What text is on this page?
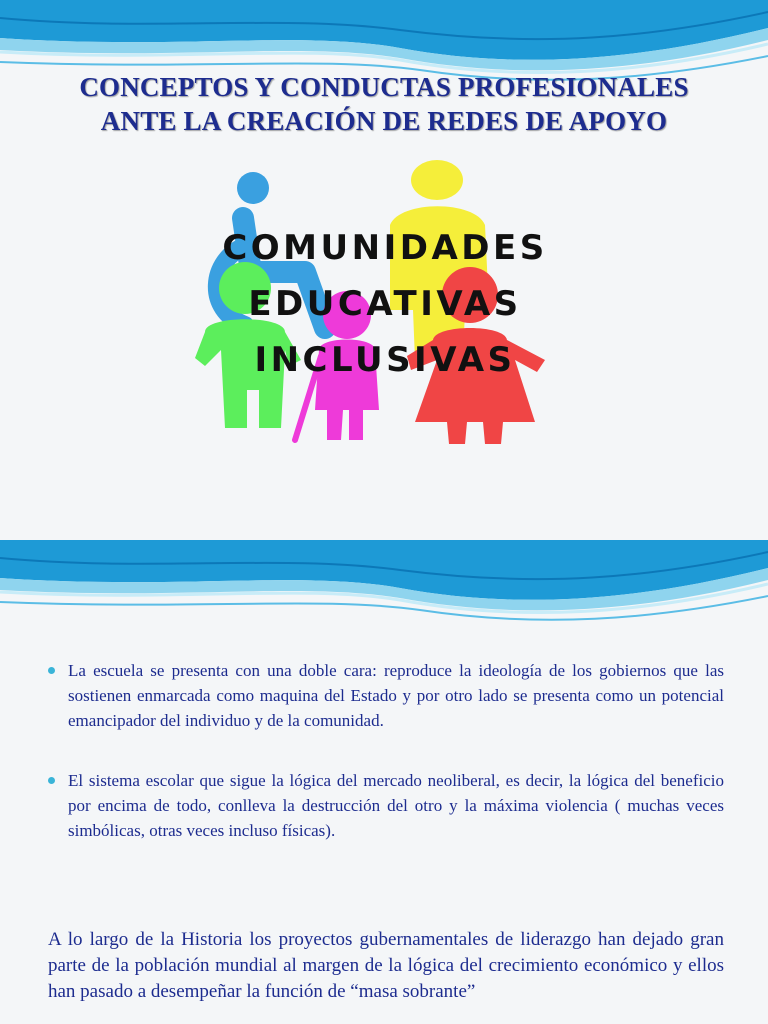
CONCEPTOS Y CONDUCTAS PROFESIONALES
ANTE LA CREACIÓN DE REDES DE APOYO
COMUNIDADES
EDUCATIVAS
INCLUSIVAS
La escuela se presenta con una doble cara: reproduce la ideología de los gobiernos que las sostienen enmarcada como maquina del Estado y por otro lado se presenta como un potencial emancipador del individuo y de la comunidad.
El sistema escolar que sigue la lógica del mercado neoliberal, es decir, la lógica del beneficio por encima de todo, conlleva la destrucción del otro y la máxima violencia ( muchas veces simbólicas, otras veces incluso físicas).

A lo largo de la Historia los proyectos gubernamentales de liderazgo han dejado gran parte de la población mundial al margen de la lógica del crecimiento económico y ellos han pasado a desempeñar la función de “masa sobrante”
